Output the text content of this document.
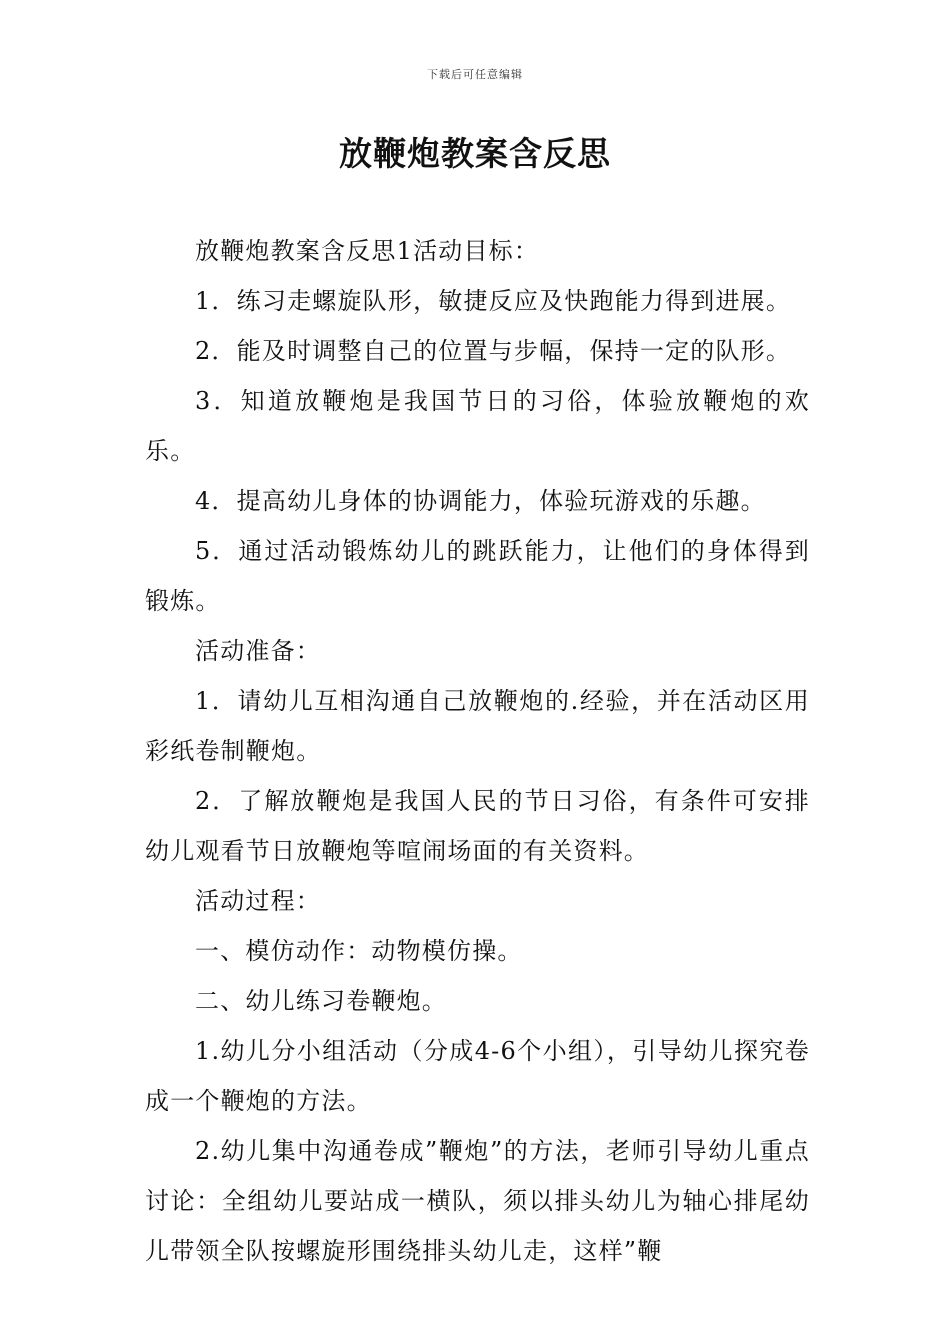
下载后可任意编辑
放鞭炮教案含反思

放鞭炮教案含反思1活动目标：

1．练习走螺旋队形，敏捷反应及快跑能力得到进展。

2．能及时调整自己的位置与步幅，保持一定的队形。

3．知道放鞭炮是我国节日的习俗，体验放鞭炮的欢乐。

4．提高幼儿身体的协调能力，体验玩游戏的乐趣。

5．通过活动锻炼幼儿的跳跃能力，让他们的身体得到锻炼。

活动准备：

1．请幼儿互相沟通自己放鞭炮的.经验，并在活动区用彩纸卷制鞭炮。

2．了解放鞭炮是我国人民的节日习俗，有条件可安排幼儿观看节日放鞭炮等喧闹场面的有关资料。

活动过程：

一、模仿动作：动物模仿操。

二、幼儿练习卷鞭炮。

1.幼儿分小组活动（分成4-6个小组），引导幼儿探究卷成一个鞭炮的方法。

2.幼儿集中沟通卷成”鞭炮”的方法，老师引导幼儿重点讨论：全组幼儿要站成一横队，须以排头幼儿为轴心排尾幼儿带领全队按螺旋形围绕排头幼儿走，这样”鞭
